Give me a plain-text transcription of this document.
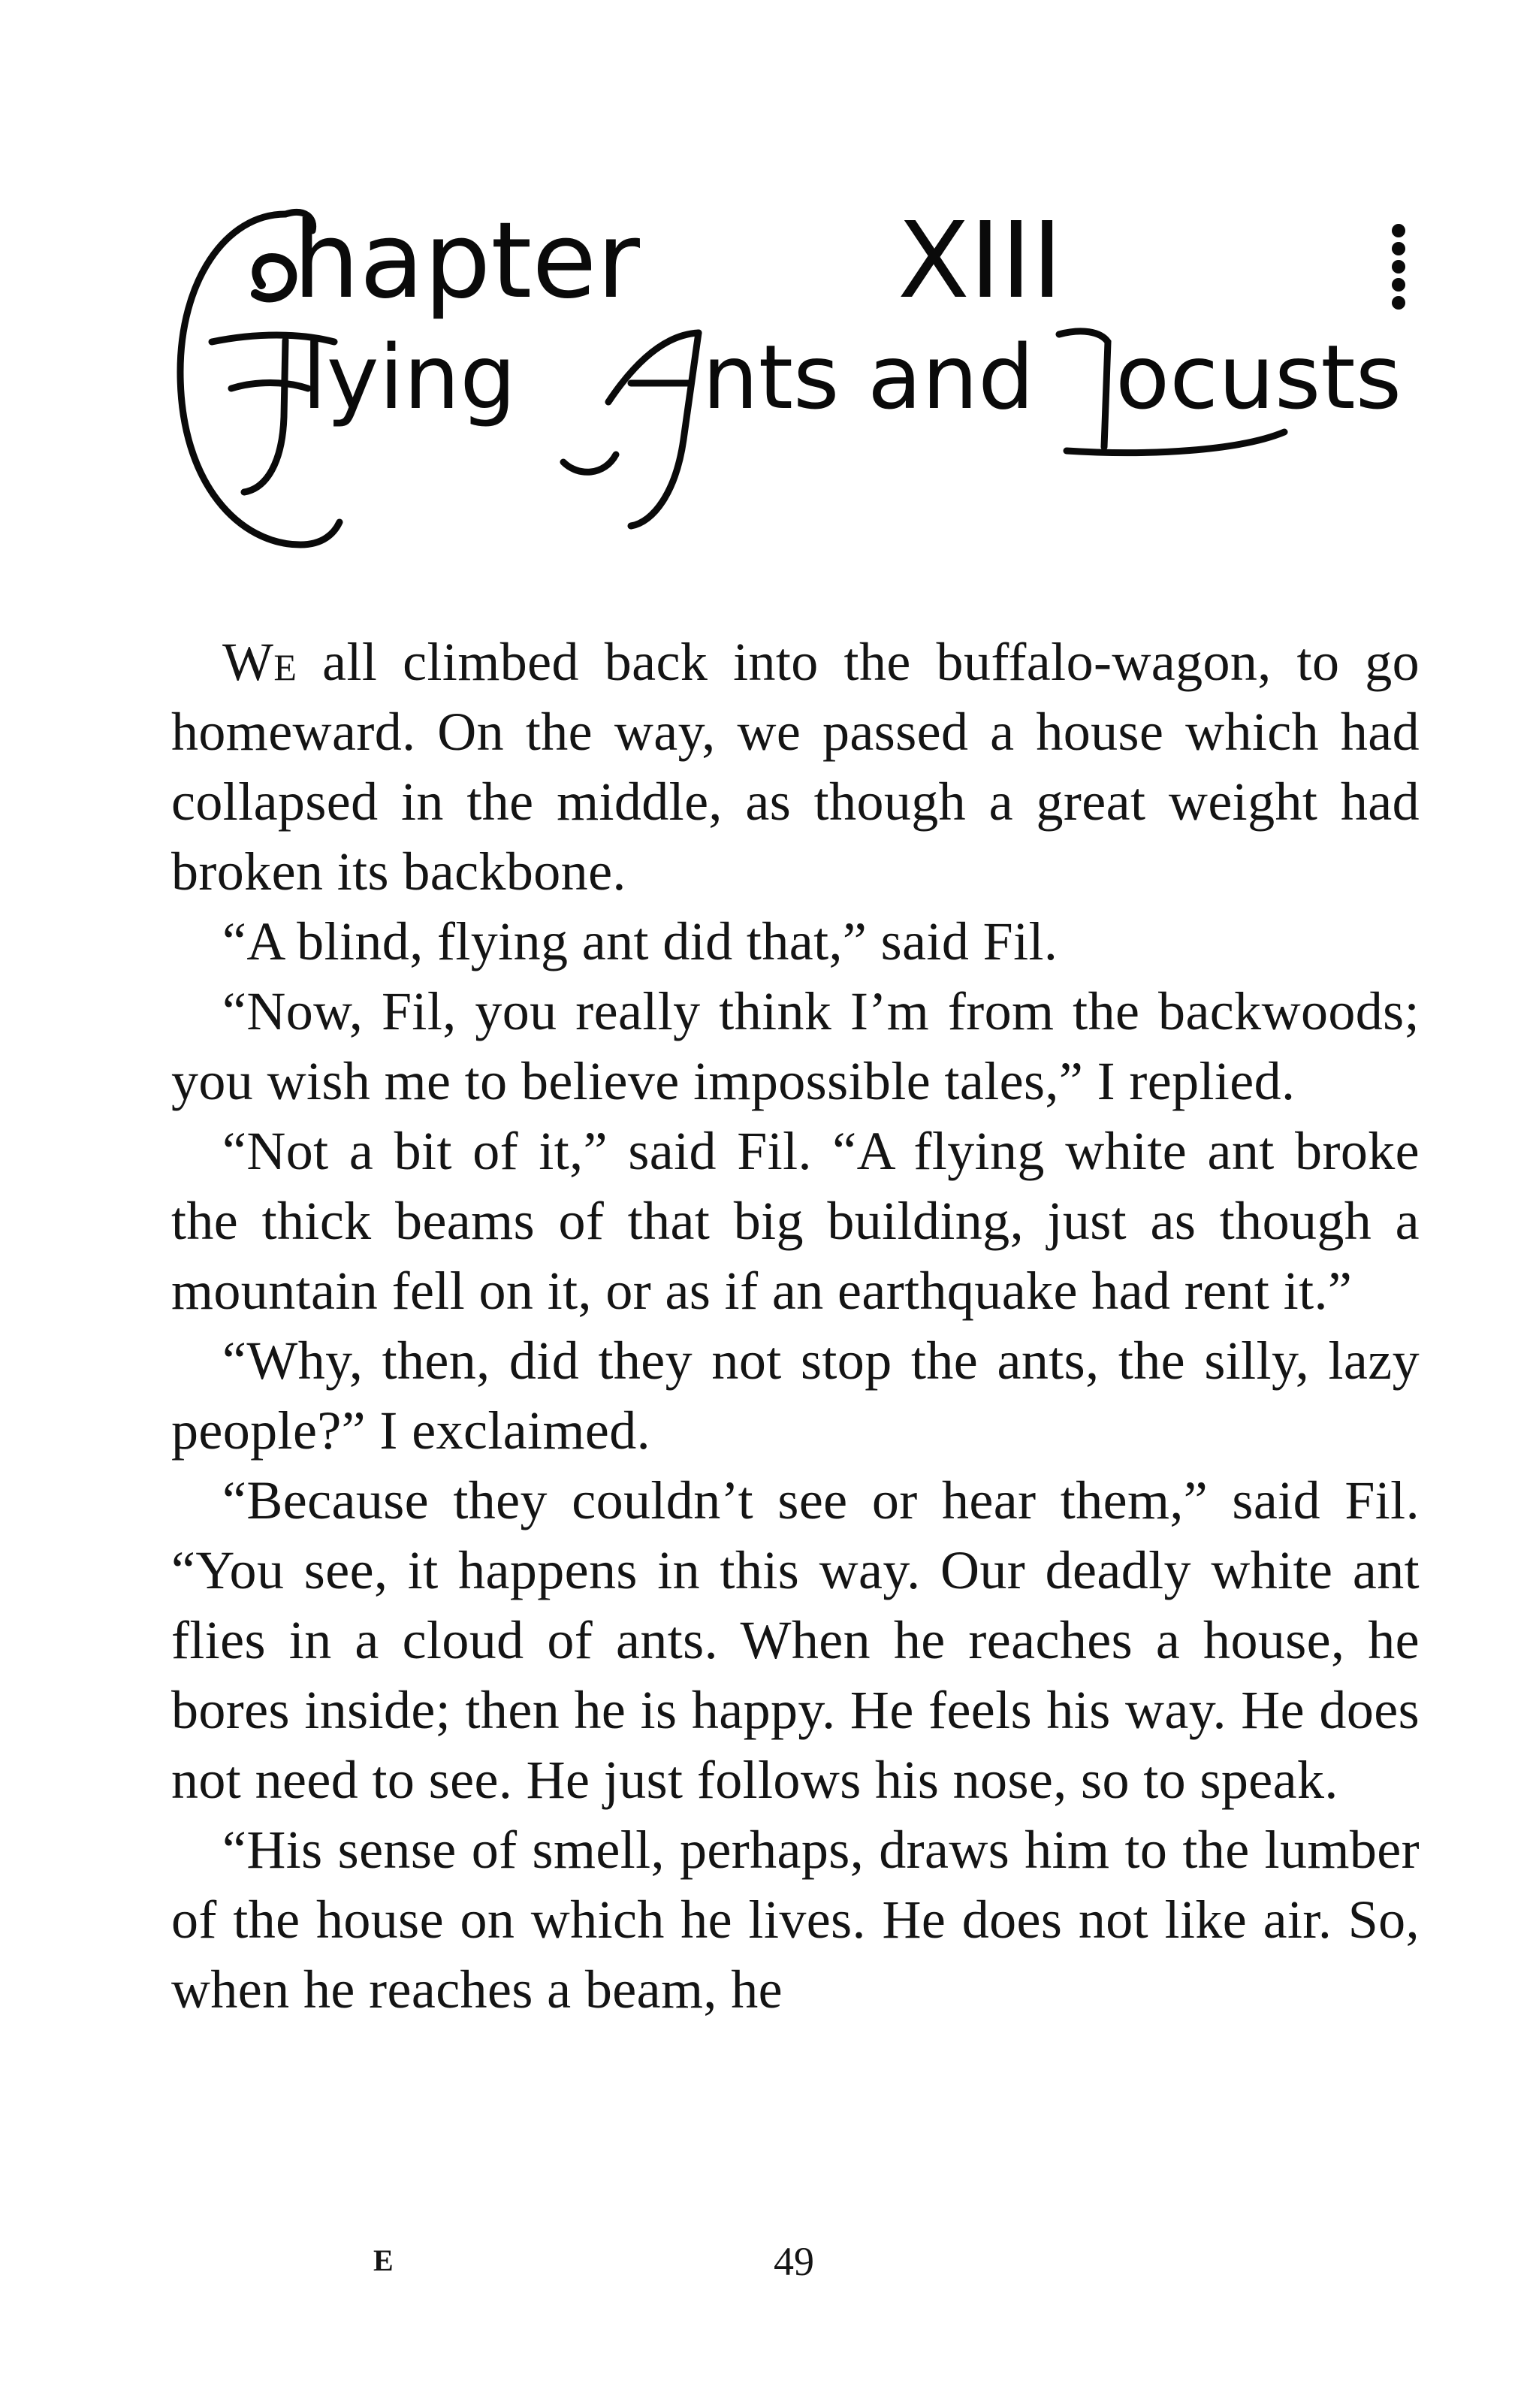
hapter XIII
lying nts and ocusts

We all climbed back into the buffalo-wagon, to go homeward. On the way, we passed a house which had collapsed in the middle, as though a great weight had broken its backbone.

“A blind, flying ant did that,” said Fil.

“Now, Fil, you really think I’m from the backwoods; you wish me to believe impossible tales,” I replied.

“Not a bit of it,” said Fil. “A flying white ant broke the thick beams of that big building, just as though a mountain fell on it, or as if an earthquake had rent it.”

“Why, then, did they not stop the ants, the silly, lazy people?” I exclaimed.

“Because they couldn’t see or hear them,” said Fil. “You see, it happens in this way. Our deadly white ant flies in a cloud of ants. When he reaches a house, he bores inside; then he is happy. He feels his way. He does not need to see. He just follows his nose, so to speak.

“His sense of smell, perhaps, draws him to the lumber of the house on which he lives. He does not like air. So, when he reaches a beam, he

E	49
